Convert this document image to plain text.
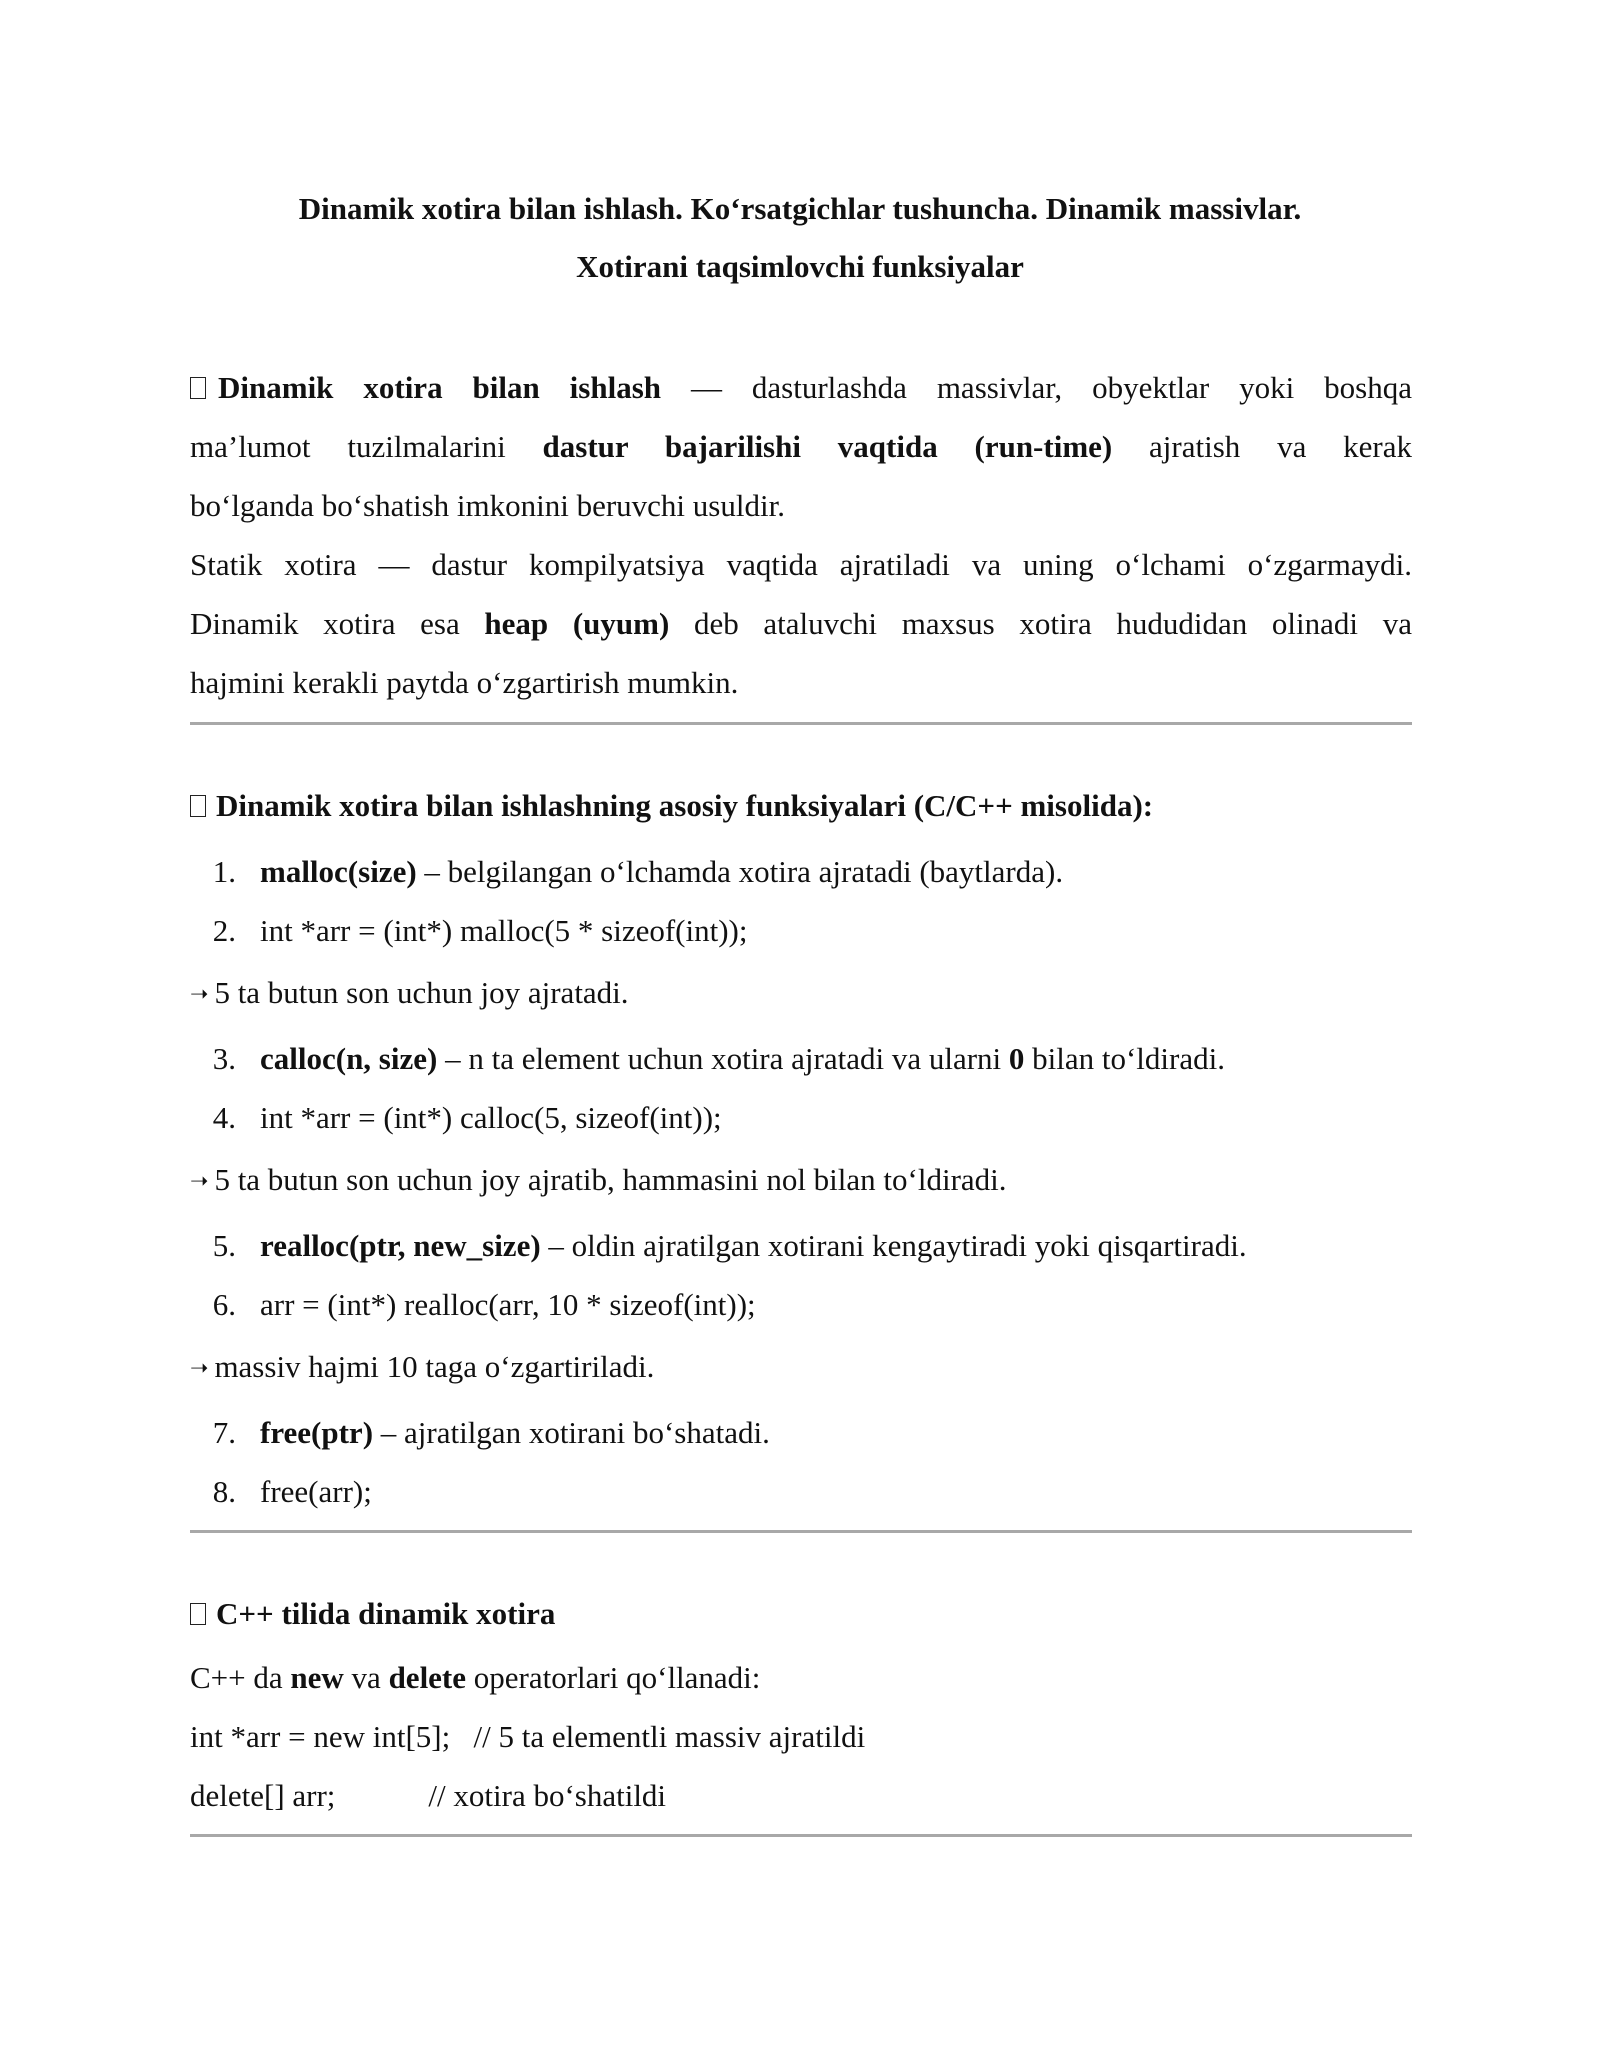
Dinamik xotira bilan ishlash. Ko‘rsatgichlar tushuncha. Dinamik massivlar.
Xotirani taqsimlovchi funksiyalar
Dinamik xotira bilan ishlash — dasturlashda massivlar, obyektlar yoki boshqa
ma’lumot tuzilmalarini dastur bajarilishi vaqtida (run-time) ajratish va kerak
bo‘lganda bo‘shatish imkonini beruvchi usuldir.
Statik xotira — dastur kompilyatsiya vaqtida ajratiladi va uning o‘lchami o‘zgarmaydi.
Dinamik xotira esa heap (uyum) deb ataluvchi maxsus xotira hududidan olinadi va
hajmini kerakli paytda o‘zgartirish mumkin.
Dinamik xotira bilan ishlashning asosiy funksiyalari (C/C++ misolida):
1. malloc(size) – belgilangan o‘lchamda xotira ajratadi (baytlarda).
2. int *arr = (int*) malloc(5 * sizeof(int));
➝ 5 ta butun son uchun joy ajratadi.
3. calloc(n, size) – n ta element uchun xotira ajratadi va ularni 0 bilan to‘ldiradi.
4. int *arr = (int*) calloc(5, sizeof(int));
➝ 5 ta butun son uchun joy ajratib, hammasini nol bilan to‘ldiradi.
5. realloc(ptr, new_size) – oldin ajratilgan xotirani kengaytiradi yoki qisqartiradi.
6. arr = (int*) realloc(arr, 10 * sizeof(int));
➝ massiv hajmi 10 taga o‘zgartiriladi.
7. free(ptr) – ajratilgan xotirani bo‘shatadi.
8. free(arr);
C++ tilida dinamik xotira
C++ da new va delete operatorlari qo‘llanadi:
int *arr = new int[5];   // 5 ta elementli massiv ajratildi
delete[] arr;            // xotira bo‘shatildi
